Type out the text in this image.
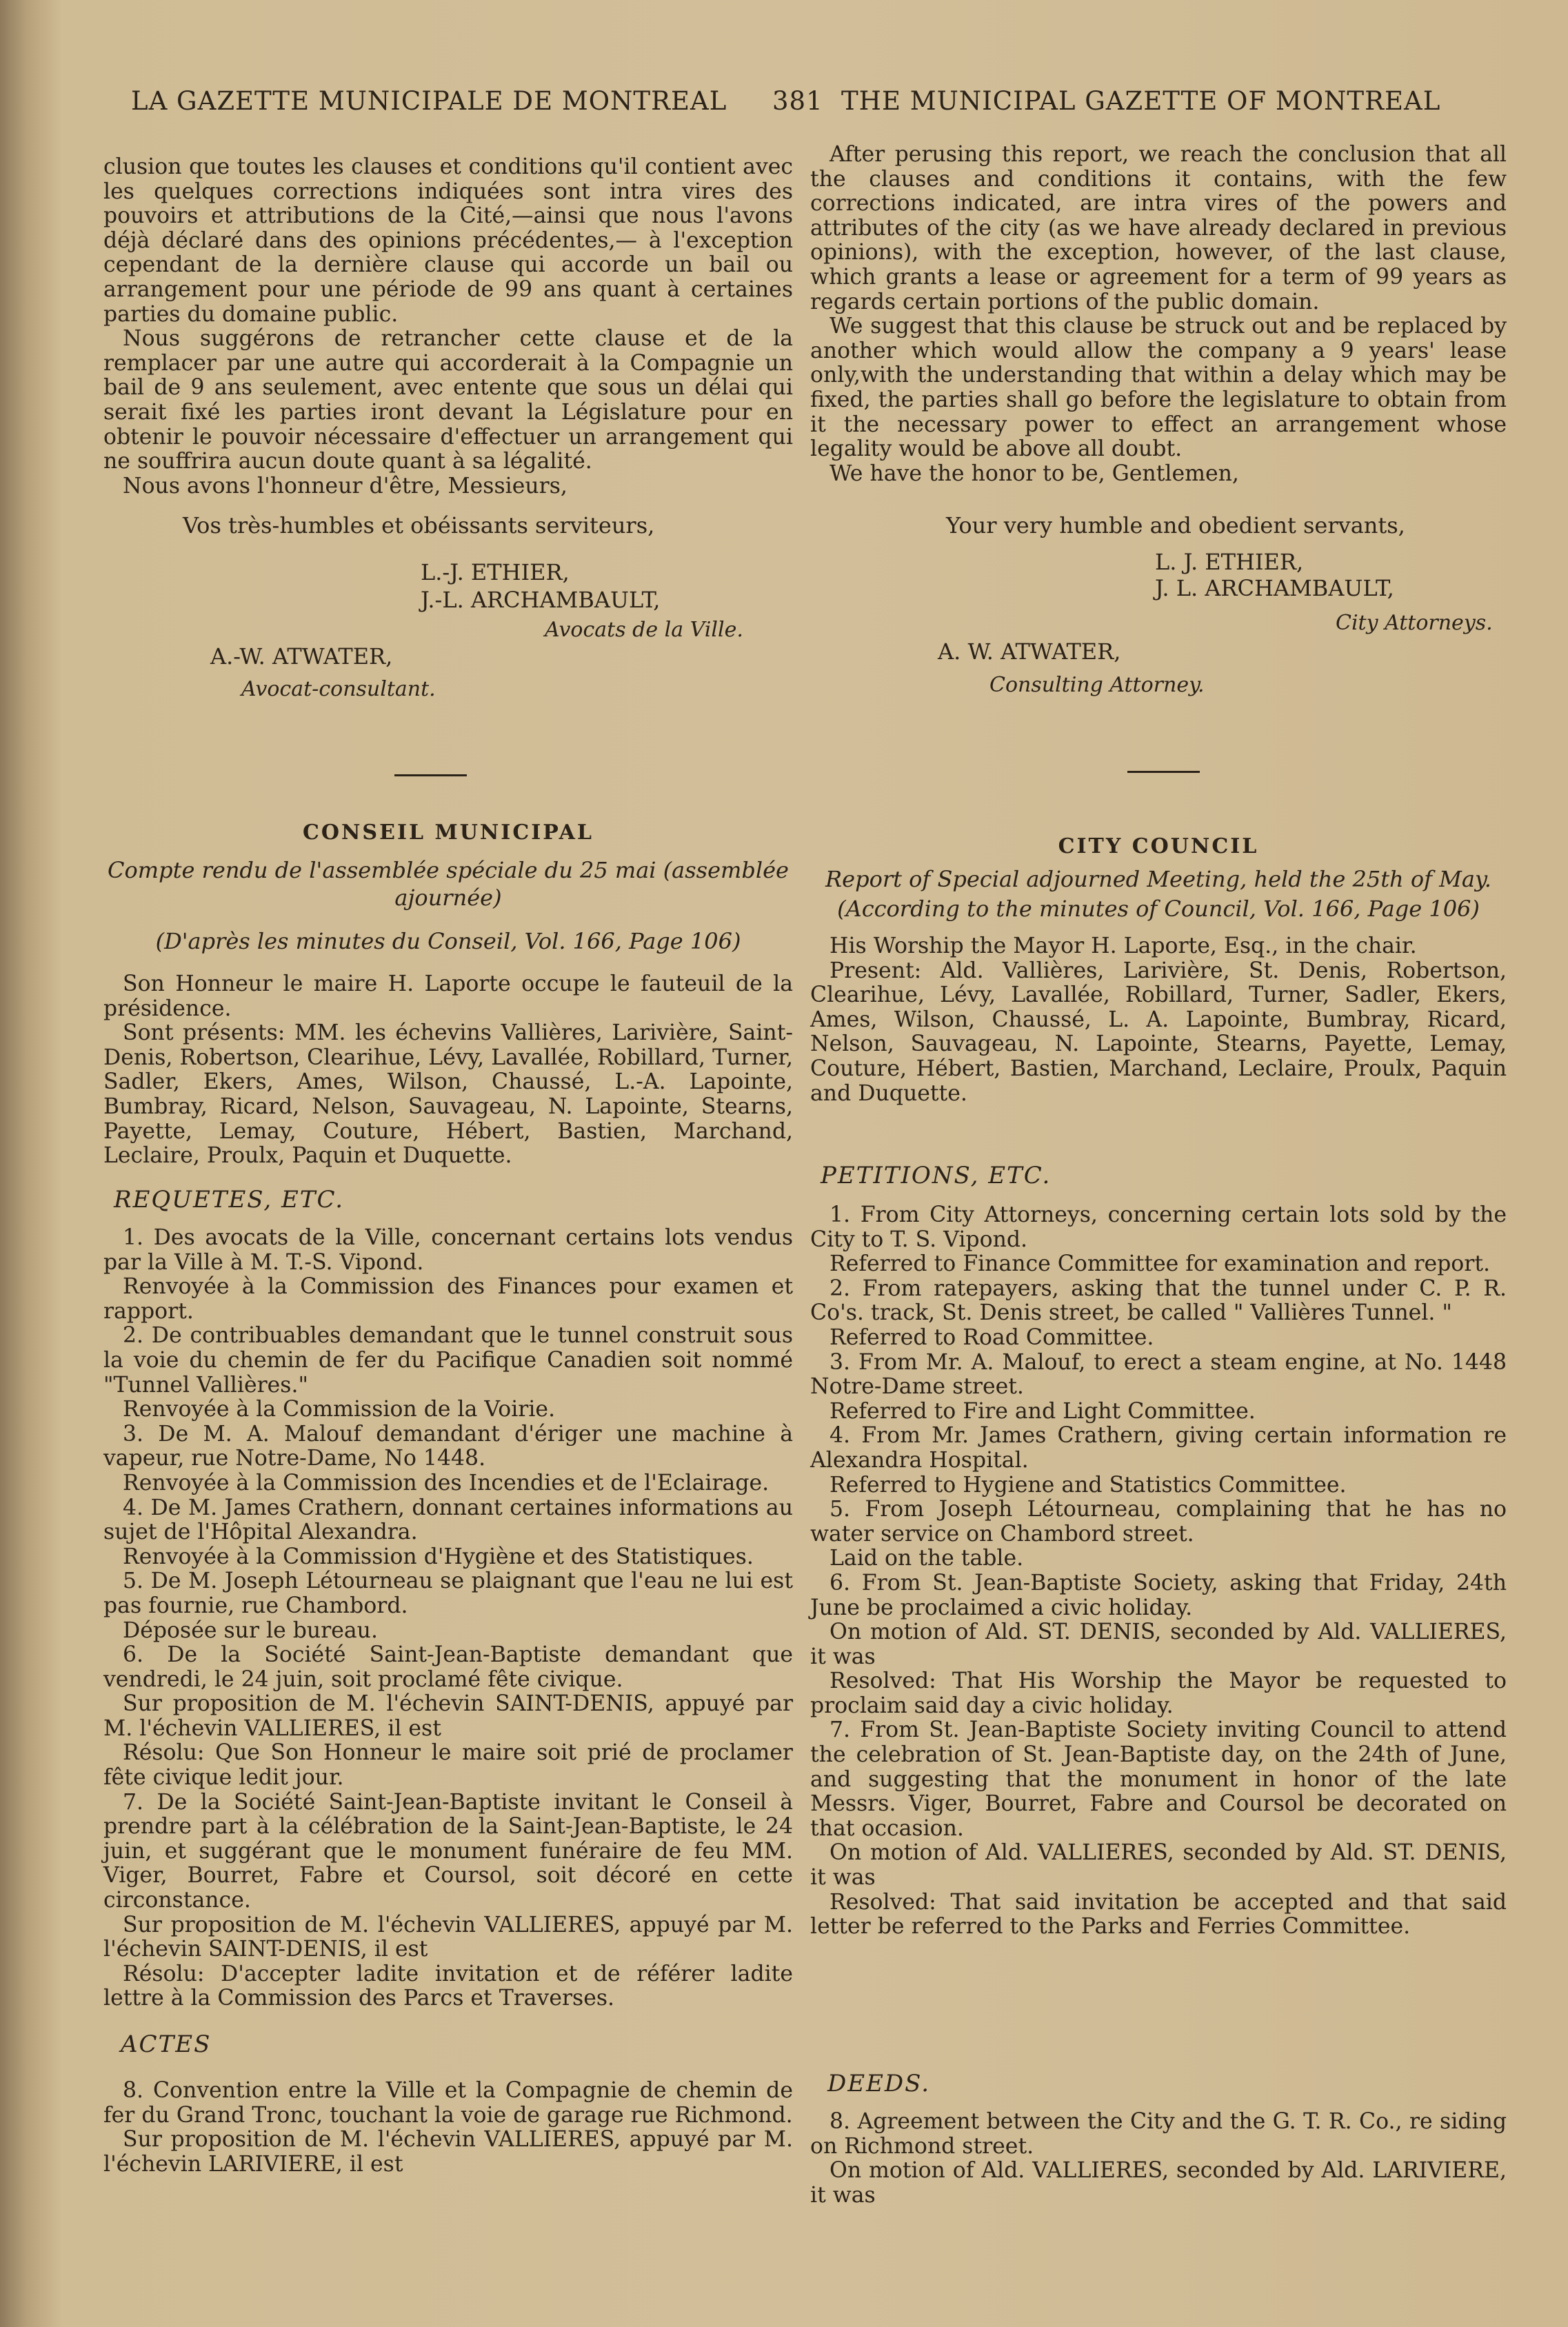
LA GAZETTE MUNICIPALE DE MONTREAL 381 THE MUNICIPAL GAZETTE OF MONTREAL

clusion que toutes les clauses et conditions qu'il contient avec les quelques corrections indiquées sont intra vires des pouvoirs et attributions de la Cité,—ainsi que nous l'avons déjà déclaré dans des opinions précédentes,— à l'exception cependant de la dernière clause qui accorde un bail ou arrangement pour une période de 99 ans quant à certaines parties du domaine public.

Nous suggérons de retrancher cette clause et de la remplacer par une autre qui accorderait à la Compagnie un bail de 9 ans seulement, avec entente que sous un délai qui serait fixé les parties iront devant la Législature pour en obtenir le pouvoir nécessaire d'effectuer un arrangement qui ne souffrira aucun doute quant à sa légalité.

Nous avons l'honneur d'être, Messieurs,

Vos très-humbles et obéissants serviteurs,
L.-J. ETHIER,
J.-L. ARCHAMBAULT,
Avocats de la Ville.
A.-W. ATWATER,
Avocat-consultant.

After perusing this report, we reach the conclusion that all the clauses and conditions it contains, with the few corrections indicated, are intra vires of the powers and attributes of the city (as we have already declared in previous opinions), with the exception, however, of the last clause, which grants a lease or agreement for a term of 99 years as regards certain portions of the public domain.

We suggest that this clause be struck out and be replaced by another which would allow the company a 9 years' lease only,with the understanding that within a delay which may be fixed, the parties shall go before the legislature to obtain from it the necessary power to effect an arrangement whose legality would be above all doubt.

We have the honor to be, Gentlemen,

Your very humble and obedient servants,
L. J. ETHIER,
J. L. ARCHAMBAULT,
City Attorneys.
A. W. ATWATER,
Consulting Attorney.
CONSEIL MUNICIPAL
Compte rendu de l'assemblée spéciale du 25 mai (assemblée ajournée)
(D'après les minutes du Conseil, Vol. 166, Page 106)

Son Honneur le maire H. Laporte occupe le fauteuil de la présidence.

Sont présents: MM. les échevins Vallières, Larivière, Saint-Denis, Robertson, Clearihue, Lévy, Lavallée, Robillard, Turner, Sadler, Ekers, Ames, Wilson, Chaussé, L.-A. Lapointe, Bumbray, Ricard, Nelson, Sauvageau, N. Lapointe, Stearns, Payette, Lemay, Couture, Hébert, Bastien, Marchand, Leclaire, Proulx, Paquin et Duquette.

REQUETES, ETC.

1. Des avocats de la Ville, concernant certains lots vendus par la Ville à M. T.-S. Vipond.

Renvoyée à la Commission des Finances pour examen et rapport.

2. De contribuables demandant que le tunnel construit sous la voie du chemin de fer du Pacifique Canadien soit nommé "Tunnel Vallières."

Renvoyée à la Commission de la Voirie.

3. De M. A. Malouf demandant d'ériger une machine à vapeur, rue Notre-Dame, No 1448.

Renvoyée à la Commission des Incendies et de l'Eclairage.

4. De M. James Crathern, donnant certaines informations au sujet de l'Hôpital Alexandra.

Renvoyée à la Commission d'Hygiène et des Statistiques.

5. De M. Joseph Létourneau se plaignant que l'eau ne lui est pas fournie, rue Chambord.

Déposée sur le bureau.

6. De la Société Saint-Jean-Baptiste demandant que vendredi, le 24 juin, soit proclamé fête civique.

Sur proposition de M. l'échevin SAINT-DENIS, appuyé par M. l'échevin VALLIERES, il est

Résolu: Que Son Honneur le maire soit prié de proclamer fête civique ledit jour.

7. De la Société Saint-Jean-Baptiste invitant le Conseil à prendre part à la célébration de la Saint-Jean-Baptiste, le 24 juin, et suggérant que le monument funéraire de feu MM. Viger, Bourret, Fabre et Coursol, soit décoré en cette circonstance.

Sur proposition de M. l'échevin VALLIERES, appuyé par M. l'échevin SAINT-DENIS, il est

Résolu: D'accepter ladite invitation et de référer ladite lettre à la Commission des Parcs et Traverses.

ACTES

8. Convention entre la Ville et la Compagnie de chemin de fer du Grand Tronc, touchant la voie de garage rue Richmond.

Sur proposition de M. l'échevin VALLIERES, appuyé par M. l'échevin LARIVIERE, il est

CITY COUNCIL
Report of Special adjourned Meeting, held the 25th of May.
(According to the minutes of Council, Vol. 166, Page 106)

His Worship the Mayor H. Laporte, Esq., in the chair.

Present: Ald. Vallières, Larivière, St. Denis, Robertson, Clearihue, Lévy, Lavallée, Robillard, Turner, Sadler, Ekers, Ames, Wilson, Chaussé, L. A. Lapointe, Bumbray, Ricard, Nelson, Sauvageau, N. Lapointe, Stearns, Payette, Lemay, Couture, Hébert, Bastien, Marchand, Leclaire, Proulx, Paquin and Duquette.

PETITIONS, ETC.

1. From City Attorneys, concerning certain lots sold by the City to T. S. Vipond.

Referred to Finance Committee for examination and report.

2. From ratepayers, asking that the tunnel under C. P. R. Co's. track, St. Denis street, be called " Vallières Tunnel. "

Referred to Road Committee.

3. From Mr. A. Malouf, to erect a steam engine, at No. 1448 Notre-Dame street.

Referred to Fire and Light Committee.

4. From Mr. James Crathern, giving certain information re Alexandra Hospital.

Referred to Hygiene and Statistics Committee.

5. From Joseph Létourneau, complaining that he has no water service on Chambord street.

Laid on the table.

6. From St. Jean-Baptiste Society, asking that Friday, 24th June be proclaimed a civic holiday.

On motion of Ald. ST. DENIS, seconded by Ald. VALLIERES, it was

Resolved: That His Worship the Mayor be requested to proclaim said day a civic holiday.

7. From St. Jean-Baptiste Society inviting Council to attend the celebration of St. Jean-Baptiste day, on the 24th of June, and suggesting that the monument in honor of the late Messrs. Viger, Bourret, Fabre and Coursol be decorated on that occasion.

On motion of Ald. VALLIERES, seconded by Ald. ST. DENIS, it was

Resolved: That said invitation be accepted and that said letter be referred to the Parks and Ferries Committee.

DEEDS.

8. Agreement between the City and the G. T. R. Co., re siding on Richmond street.

On motion of Ald. VALLIERES, seconded by Ald. LARIVIERE, it was
